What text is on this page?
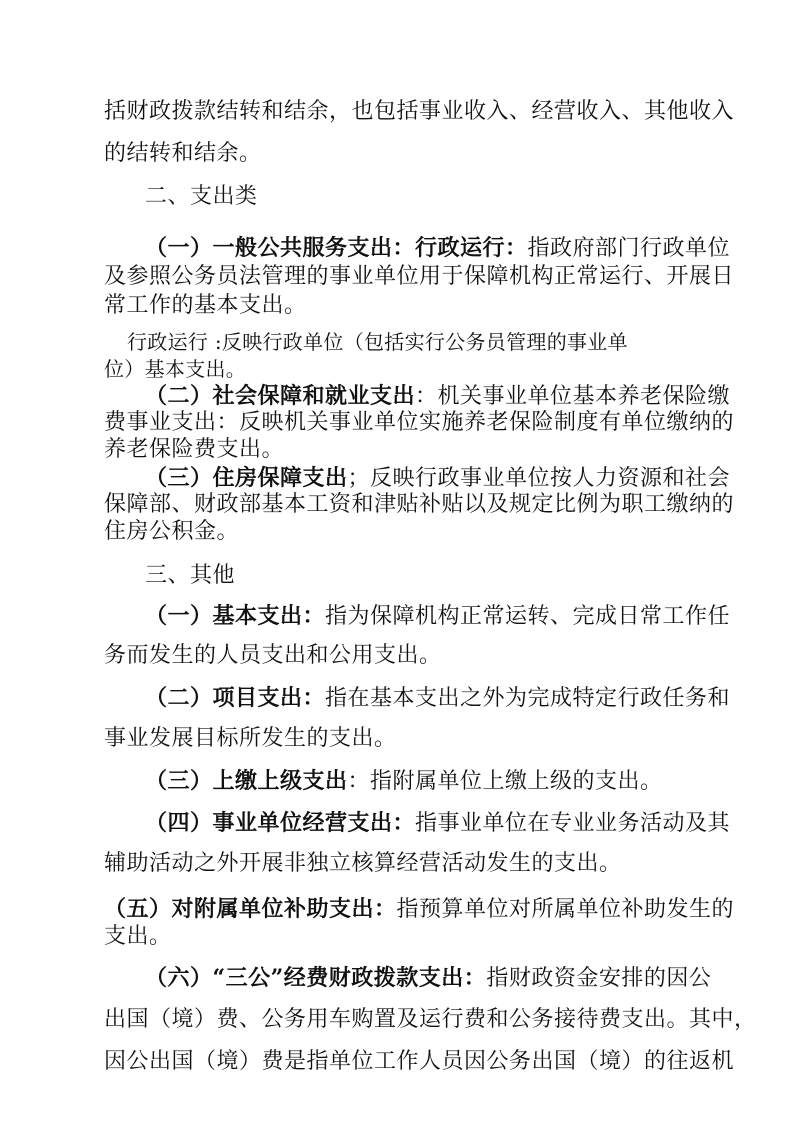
括财政拨款结转和结余，也包括事业收入、经营收入、其他收入
的结转和结余。
二、支出类
（一）一般公共服务支出：行政运行：指政府部门行政单位
及参照公务员法管理的事业单位用于保障机构正常运行、开展日
常工作的基本支出。
行政运行 :反映行政单位（包括实行公务员管理的事业单
位）基本支出。
（二）社会保障和就业支出：机关事业单位基本养老保险缴
费事业支出：反映机关事业单位实施养老保险制度有单位缴纳的
养老保险费支出。
（三）住房保障支出；反映行政事业单位按人力资源和社会
保障部、财政部基本工资和津贴补贴以及规定比例为职工缴纳的
住房公积金。
三、其他
（一）基本支出：指为保障机构正常运转、完成日常工作任
务而发生的人员支出和公用支出。
（二）项目支出：指在基本支出之外为完成特定行政任务和
事业发展目标所发生的支出。
（三）上缴上级支出：指附属单位上缴上级的支出。
（四）事业单位经营支出：指事业单位在专业业务活动及其
辅助活动之外开展非独立核算经营活动发生的支出。
（五）对附属单位补助支出：指预算单位对所属单位补助发生的
支出。
（六）“三公”经费财政拨款支出：指财政资金安排的因公
出国（境）费、公务用车购置及运行费和公务接待费支出。其中，
因公出国（境）费是指单位工作人员因公务出国（境）的往返机
